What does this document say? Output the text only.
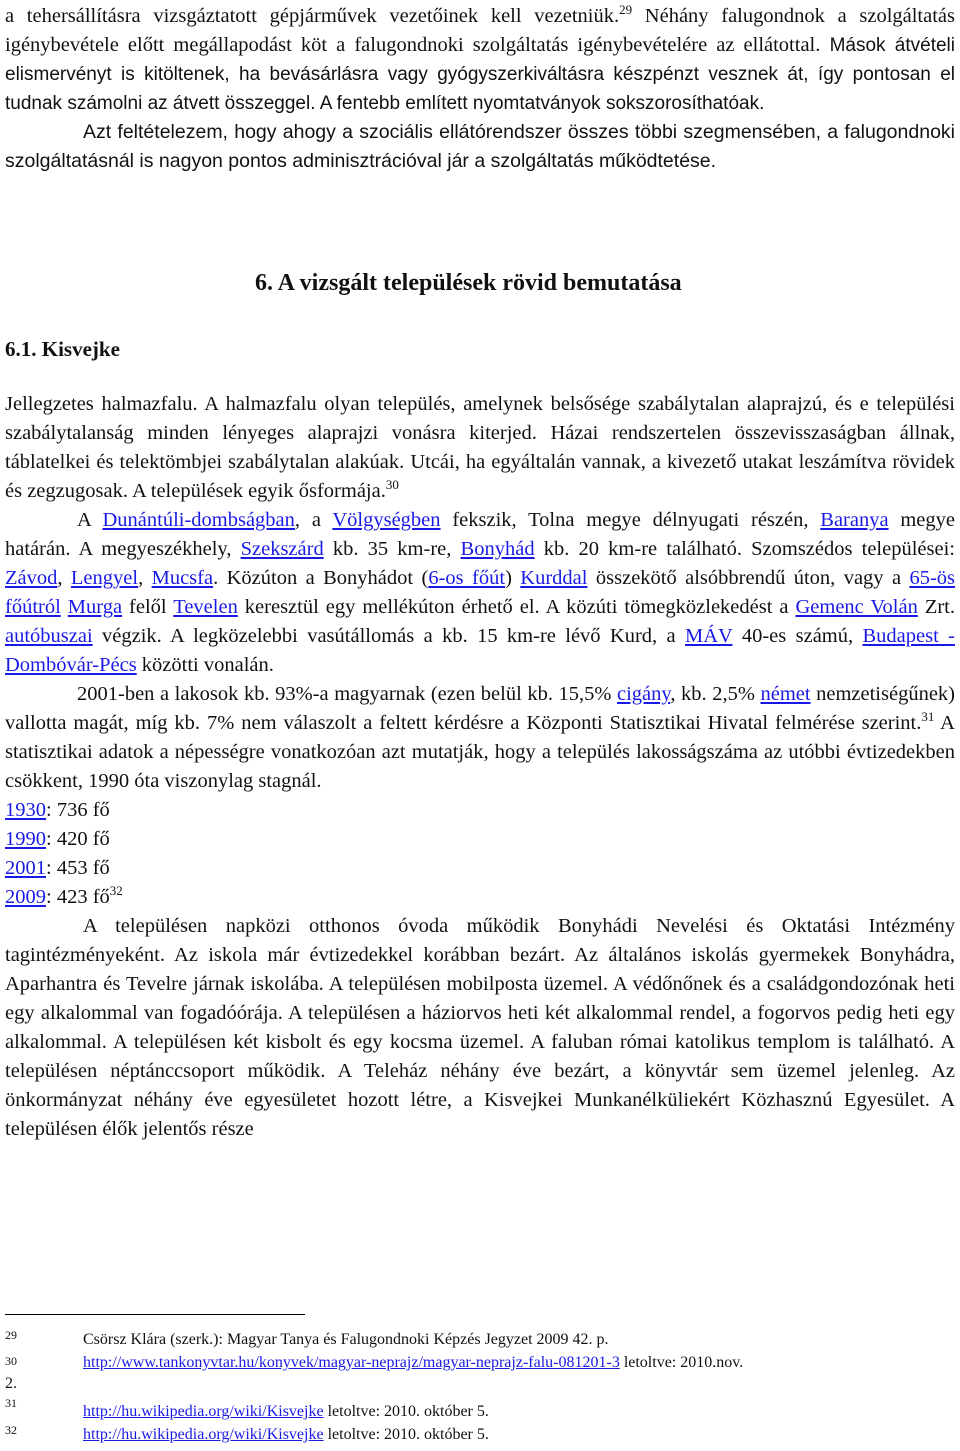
a tehersállításra vizsgáztatott gépjárművek vezetőinek kell vezetniük.$^{29}$ Néhány falugondnok a szolgáltatás igénybevétele előtt megállapodást köt a falugondnoki szolgáltatás igénybevételére az ellátottal. Mások átvételi elismervényt is kitöltenek, ha bevásárlásra vagy gyógyszerkiváltásra készpénzt vesznek át, így pontosan el tudnak számolni az átvett összeggel. A fentebb említett nyomtatványok sokszorosíthatóak.

Azt feltételezem, hogy ahogy a szociális ellátórendszer összes többi szegmensében, a falugondnoki szolgáltatásnál is nagyon pontos adminisztrációval jár a szolgáltatás működtetése.

6. A vizsgált települések rövid bemutatása
6.1. Kisvejke

Jellegzetes halmazfalu. A halmazfalu olyan település, amelynek belsősége szabálytalan alaprajzú, és e települési szabálytalanság minden lényeges alaprajzi vonásra kiterjed. Házai rendszertelen összevisszaságban állnak, táblatelkei és telektömbjei szabálytalan alakúak. Utcái, ha egyáltalán vannak, a kivezető utakat leszámítva rövidek és zegzugosak. A települések egyik ősformája.$^{30}$

A Dunántúli-dombságban, a Völgységben fekszik, Tolna megye délnyugati részén, Baranya megye határán. A megyeszékhely, Szekszárd kb. 35 km-re, Bonyhád kb. 20 km-re található. Szomszédos települései: Závod, Lengyel, Mucsfa. Közúton a Bonyhádot (6-os főút) Kurddal összekötő alsóbbrendű úton, vagy a 65-ös főútról Murga felől Tevelen keresztül egy mellékúton érhető el. A közúti tömegközlekedést a Gemenc Volán Zrt. autóbuszai végzik. A legközelebbi vasútállomás a kb. 15 km-re lévő Kurd, a MÁV 40-es számú, Budapest - Dombóvár-Pécs közötti vonalán.

2001-ben a lakosok kb. 93%-a magyarnak (ezen belül kb. 15,5% cigány, kb. 2,5% német nemzetiségűnek) vallotta magát, míg kb. 7% nem válaszolt a feltett kérdésre a Központi Statisztikai Hivatal felmérése szerint.$^{31}$ A statisztikai adatok a népességre vonatkozóan azt mutatják, hogy a település lakosságszáma az utóbbi évtizedekben csökkent, 1990 óta viszonylag stagnál.

1930: 736 fő

1990: 420 fő

2001: 453 fő

2009: 423 $fő^{32}$

A településen napközi otthonos óvoda működik Bonyhádi Nevelési és Oktatási Intézmény tagintézményeként. Az iskola már évtizedekkel korábban bezárt. Az általános iskolás gyermekek Bonyhádra, Aparhantra és Tevelre járnak iskolába. A településen mobilposta üzemel. A védőnőnek és a családgondozónak heti egy alkalommal van fogadóórája. A településen a háziorvos heti két alkalommal rendel, a fogorvos pedig heti egy alkalommal. A településen két kisbolt és egy kocsma üzemel. A faluban római katolikus templom is található. A településen néptánccsoport működik. A Teleház néhány éve bezárt, a könyvtár sem üzemel jelenleg. Az önkormányzat néhány éve egyesületet hozott létre, a Kisvejkei Munkanélküliekért Közhasznú Egyesület. A településen élők jelentős része

29	Csörsz Klára (szerk.): Magyar Tanya és Falugondnoki Képzés Jegyzet 2009 42. p.
30	http://www.tankonyvtar.hu/konyvek/magyar-neprajz/magyar-neprajz-falu-081201-3 letoltve: 2010.nov.
2.
31	http://hu.wikipedia.org/wiki/Kisvejke letoltve: 2010. október 5.
32	http://hu.wikipedia.org/wiki/Kisvejke letoltve: 2010. október 5.
